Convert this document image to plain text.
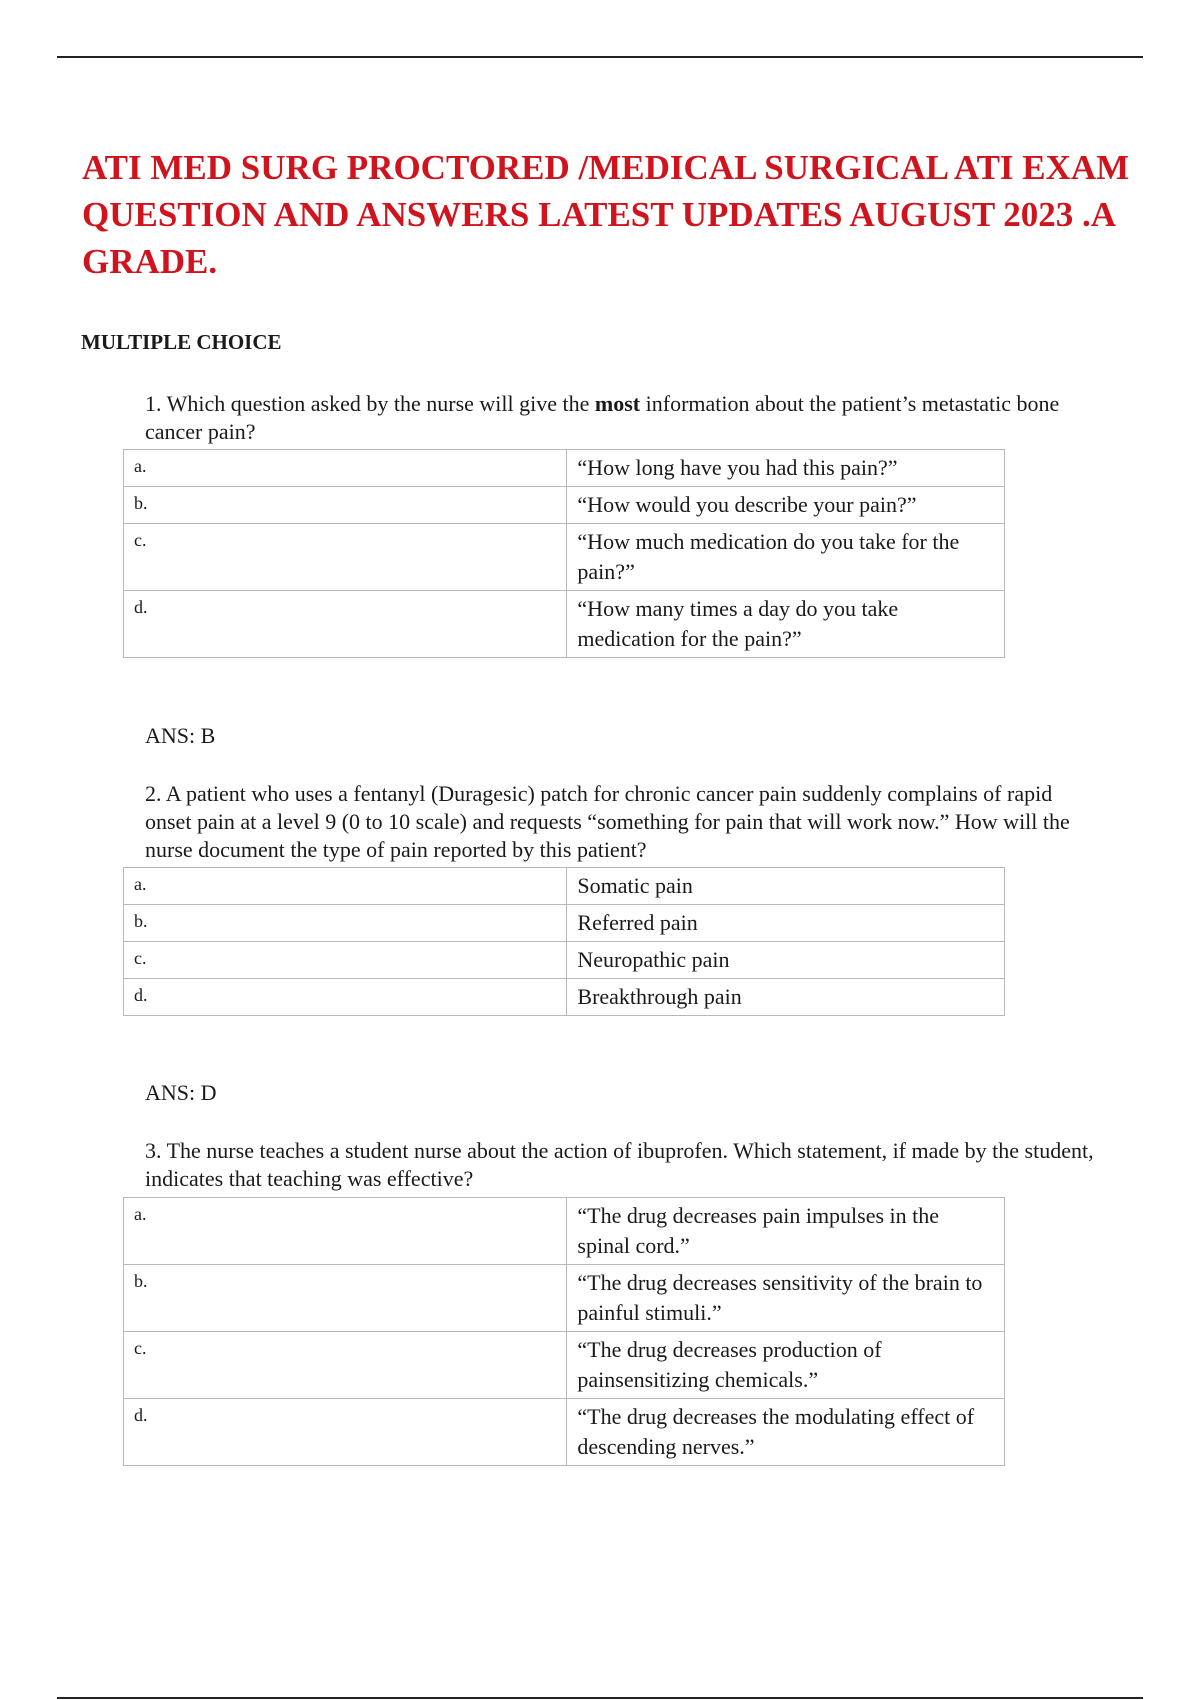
ATI MED SURG PROCTORED /MEDICAL SURGICAL ATI EXAM QUESTION AND ANSWERS LATEST UPDATES AUGUST 2023 .A GRADE.

MULTIPLE CHOICE

1. Which question asked by the nurse will give the most information about the patient’s metastatic bone cancer pain?

a.	“How long have you had this pain?”
b.	“How would you describe your pain?”
c.	“How much medication do you take for the pain?”
d.	“How many times a day do you take medication for the pain?”

ANS: B

2. A patient who uses a fentanyl (Duragesic) patch for chronic cancer pain suddenly complains of rapid onset pain at a level 9 (0 to 10 scale) and requests “something for pain that will work now.” How will the nurse document the type of pain reported by this patient?

a.	Somatic pain
b.	Referred pain
c.	Neuropathic pain
d.	Breakthrough pain

ANS: D

3. The nurse teaches a student nurse about the action of ibuprofen. Which statement, if made by the student, indicates that teaching was effective?

a.	“The drug decreases pain impulses in the spinal cord.”
b.	“The drug decreases sensitivity of the brain to painful stimuli.”
c.	“The drug decreases production of painsensitizing chemicals.”
d.	“The drug decreases the modulating effect of descending nerves.”
